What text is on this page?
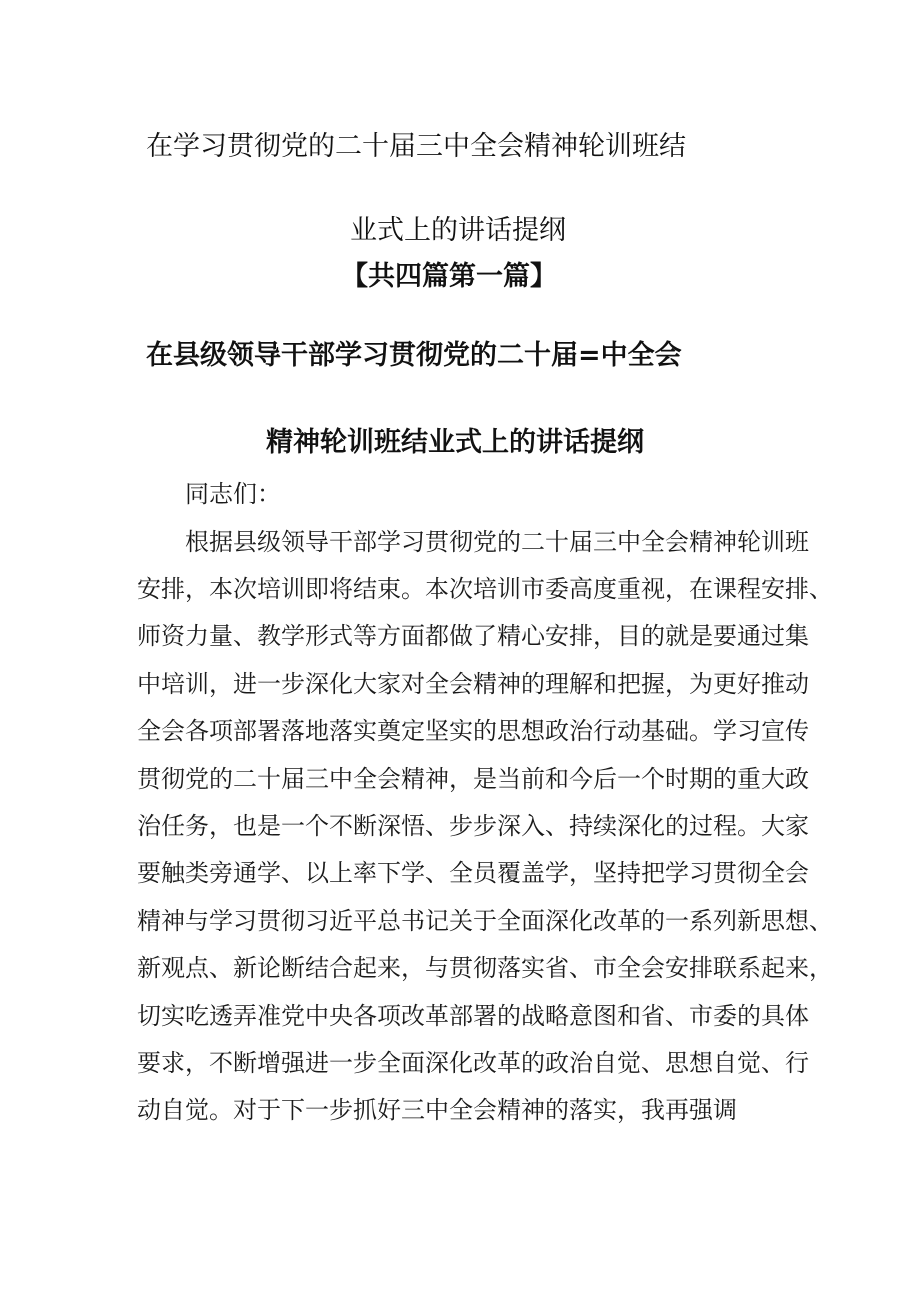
在学习贯彻党的二十届三中全会精神轮训班结
业式上的讲话提纲
【共四篇第一篇】
在县级领导干部学习贯彻党的二十届=中全会
精神轮训班结业式上的讲话提纲
同志们：
根据县级领导干部学习贯彻党的二十届三中全会精神轮训班
安排，本次培训即将结束。本次培训市委高度重视，在课程安排、
师资力量、教学形式等方面都做了精心安排，目的就是要通过集
中培训，进一步深化大家对全会精神的理解和把握，为更好推动
全会各项部署落地落实奠定坚实的思想政治行动基础。学习宣传
贯彻党的二十届三中全会精神，是当前和今后一个时期的重大政
治任务，也是一个不断深悟、步步深入、持续深化的过程。大家
要触类旁通学、以上率下学、全员覆盖学，坚持把学习贯彻全会
精神与学习贯彻习近平总书记关于全面深化改革的一系列新思想、
新观点、新论断结合起来，与贯彻落实省、市全会安排联系起来，
切实吃透弄准党中央各项改革部署的战略意图和省、市委的具体
要求，不断增强进一步全面深化改革的政治自觉、思想自觉、行
动自觉。对于下一步抓好三中全会精神的落实，我再强调
